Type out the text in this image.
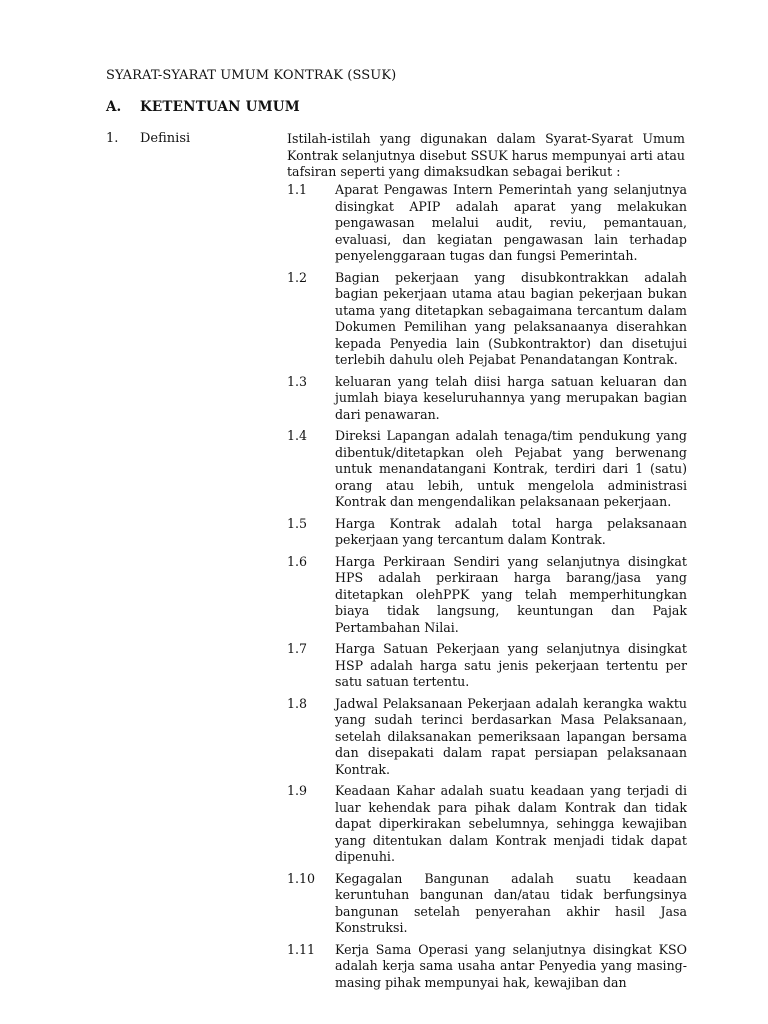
SYARAT-SYARAT UMUM KONTRAK (SSUK)
A. KETENTUAN UMUM
1. Definisi	Istilah-istilah yang digunakan dalam Syarat-Syarat Umum Kontrak selanjutnya disebut SSUK harus mempunyai arti atau tafsiran seperti yang dimaksudkan sebagai berikut :
1.1	Aparat Pengawas Intern Pemerintah yang selanjutnya disingkat APIP adalah aparat yang melakukan pengawasan melalui audit, reviu, pemantauan, evaluasi, dan kegiatan pengawasan lain terhadap penyelenggaraan tugas dan fungsi Pemerintah.
1.2	Bagian pekerjaan yang disubkontrakkan adalah bagian pekerjaan utama atau bagian pekerjaan bukan utama yang ditetapkan sebagaimana tercantum dalam Dokumen Pemilihan yang pelaksanaanya diserahkan kepada Penyedia lain (Subkontraktor) dan disetujui terlebih dahulu oleh Pejabat Penandatangan Kontrak.
1.3	keluaran yang telah diisi harga satuan keluaran dan jumlah biaya keseluruhannya yang merupakan bagian dari penawaran.
1.4	Direksi Lapangan adalah tenaga/tim pendukung yang dibentuk/ditetapkan oleh Pejabat yang berwenang untuk menandatangani Kontrak, terdiri dari 1 (satu) orang atau lebih, untuk mengelola administrasi Kontrak dan mengendalikan pelaksanaan pekerjaan.
1.5	Harga Kontrak adalah total harga pelaksanaan pekerjaan yang tercantum dalam Kontrak.
1.6	Harga Perkiraan Sendiri yang selanjutnya disingkat HPS adalah perkiraan harga barang/jasa yang ditetapkan olehPPK yang telah memperhitungkan biaya tidak langsung, keuntungan dan Pajak Pertambahan Nilai.
1.7	Harga Satuan Pekerjaan yang selanjutnya disingkat HSP adalah harga satu jenis pekerjaan tertentu per satu satuan tertentu.
1.8	Jadwal Pelaksanaan Pekerjaan adalah kerangka waktu yang sudah terinci berdasarkan Masa Pelaksanaan, setelah dilaksanakan pemeriksaan lapangan bersama dan disepakati dalam rapat persiapan pelaksanaan Kontrak.
1.9	Keadaan Kahar adalah suatu keadaan yang terjadi di luar kehendak para pihak dalam Kontrak dan tidak dapat diperkirakan sebelumnya, sehingga kewajiban yang ditentukan dalam Kontrak menjadi tidak dapat dipenuhi.
1.10	Kegagalan Bangunan adalah suatu keadaan keruntuhan bangunan dan/atau tidak berfungsinya bangunan setelah penyerahan akhir hasil Jasa Konstruksi.
1.11	Kerja Sama Operasi yang selanjutnya disingkat KSO adalah kerja sama usaha antar Penyedia yang masing-masing pihak mempunyai hak, kewajiban dan
